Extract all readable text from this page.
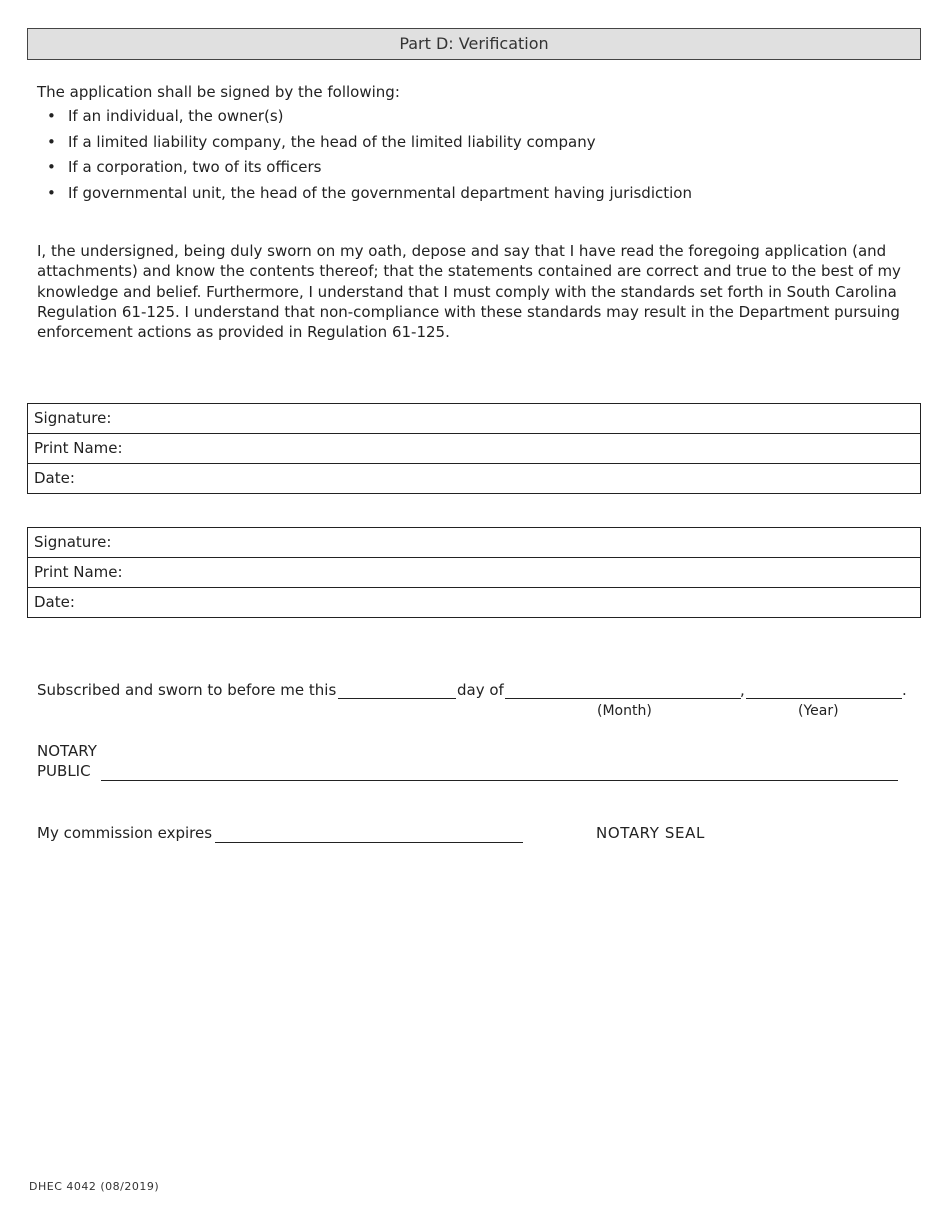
Part D: Verification

The application shall be signed by the following:

• If an individual, the owner(s)
• If a limited liability company, the head of the limited liability company
• If a corporation, two of its officers
• If governmental unit, the head of the governmental department having jurisdiction

I, the undersigned, being duly sworn on my oath, depose and say that I have read the foregoing application (and attachments) and know the contents thereof; that the statements contained are correct and true to the best of my knowledge and belief. Furthermore, I understand that I must comply with the standards set forth in South Carolina Regulation 61-125. I understand that non-compliance with these standards may result in the Department pursuing enforcement actions as provided in Regulation 61-125.

Signature:
Print Name:
Date:
Signature:
Print Name:
Date:
Subscribed and sworn to before me this	day of	,	.
(Month)	(Year)
NOTARY
PUBLIC
My commission expires	NOTARY SEAL
DHEC 4042 (08/2019)
